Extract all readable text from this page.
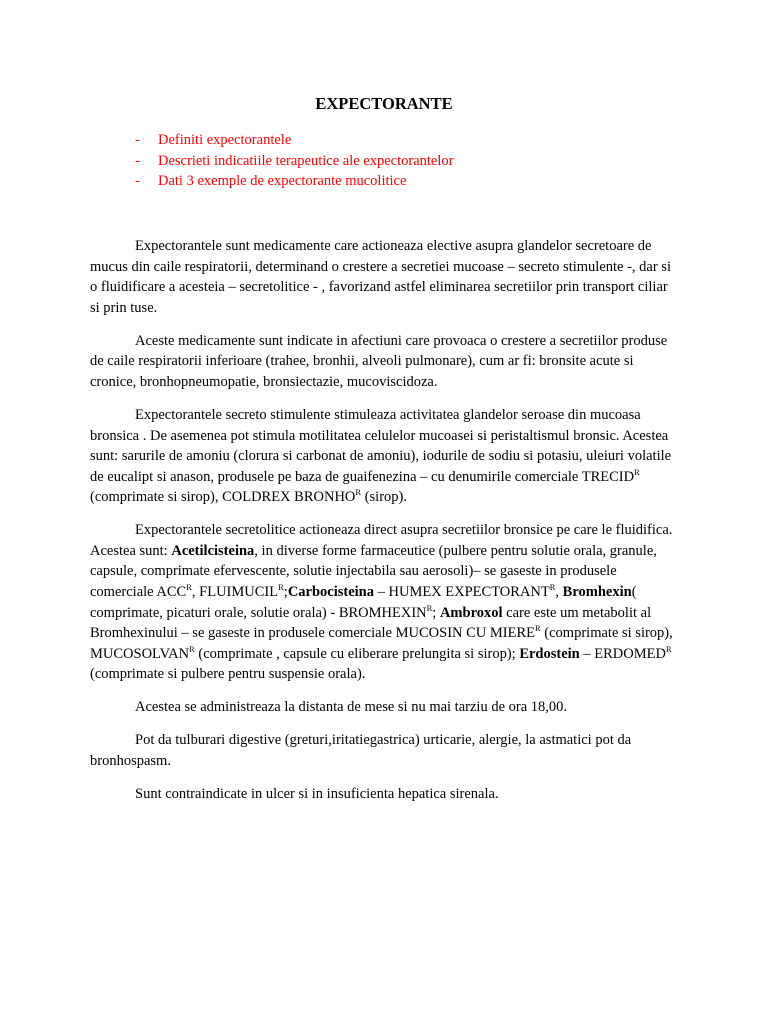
EXPECTORANTE
- Definiti expectorantele
- Descrieti indicatiile terapeutice ale expectorantelor
- Dati 3 exemple de expectorante mucolitice

Expectorantele sunt medicamente care actioneaza elective asupra glandelor secretoare de mucus din caile respiratorii, determinand o crestere a secretiei mucoase – secreto stimulente -, dar si o fluidificare a acesteia – secretolitice - , favorizand astfel eliminarea secretiilor prin transport ciliar si prin tuse.

Aceste medicamente sunt indicate in afectiuni care provoaca o crestere a secretiilor produse de caile respiratorii inferioare (trahee, bronhii, alveoli pulmonare), cum ar fi: bronsite acute si cronice, bronhopneumopatie, bronsiectazie, mucoviscidoza.

Expectorantele secreto stimulente stimuleaza activitatea glandelor seroase din mucoasa bronsica . De asemenea pot stimula motilitatea celulelor mucoasei si peristaltismul bronsic. Acestea sunt: sarurile de amoniu (clorura si carbonat de amoniu), iodurile de sodiu si potasiu, uleiuri volatile de eucalipt si anason, produsele pe baza de guaifenezina – cu denumirile comerciale $TRECID^R$ (comprimate si sirop), COLDREX $BRONHO^R$ (sirop).

Expectorantele secretolitice actioneaza direct asupra secretiilor bronsice pe care le fluidifica. Acestea sunt: Acetilcisteina, in diverse forme farmaceutice (pulbere pentru solutie orala, granule, capsule, comprimate efervescente, solutie injectabila sau aerosoli)– se gaseste in produsele comerciale $ACC^R$, $FLUIMUCIL^R;Carbocisteina$ – HUMEX $EXPECTORANT^R$, Bromhexin( comprimate, picaturi orale, solutie orala) - $BROMHEXIN^R$; Ambroxol care este um metabolit al Bromhexinului – se gaseste in produsele comerciale MUCOSIN CU $MIERE^R$ (comprimate si sirop), $MUCOSOLVAN^R$ (comprimate , capsule cu eliberare prelungita si sirop); Erdostein – $ERDOMED^R$ (comprimate si pulbere pentru suspensie orala).

Acestea se administreaza la distanta de mese si nu mai tarziu de ora 18,00.

Pot da tulburari digestive (greturi,iritatiegastrica) urticarie, alergie, la astmatici pot da bronhospasm.

Sunt contraindicate in ulcer si in insuficienta hepatica sirenala.
